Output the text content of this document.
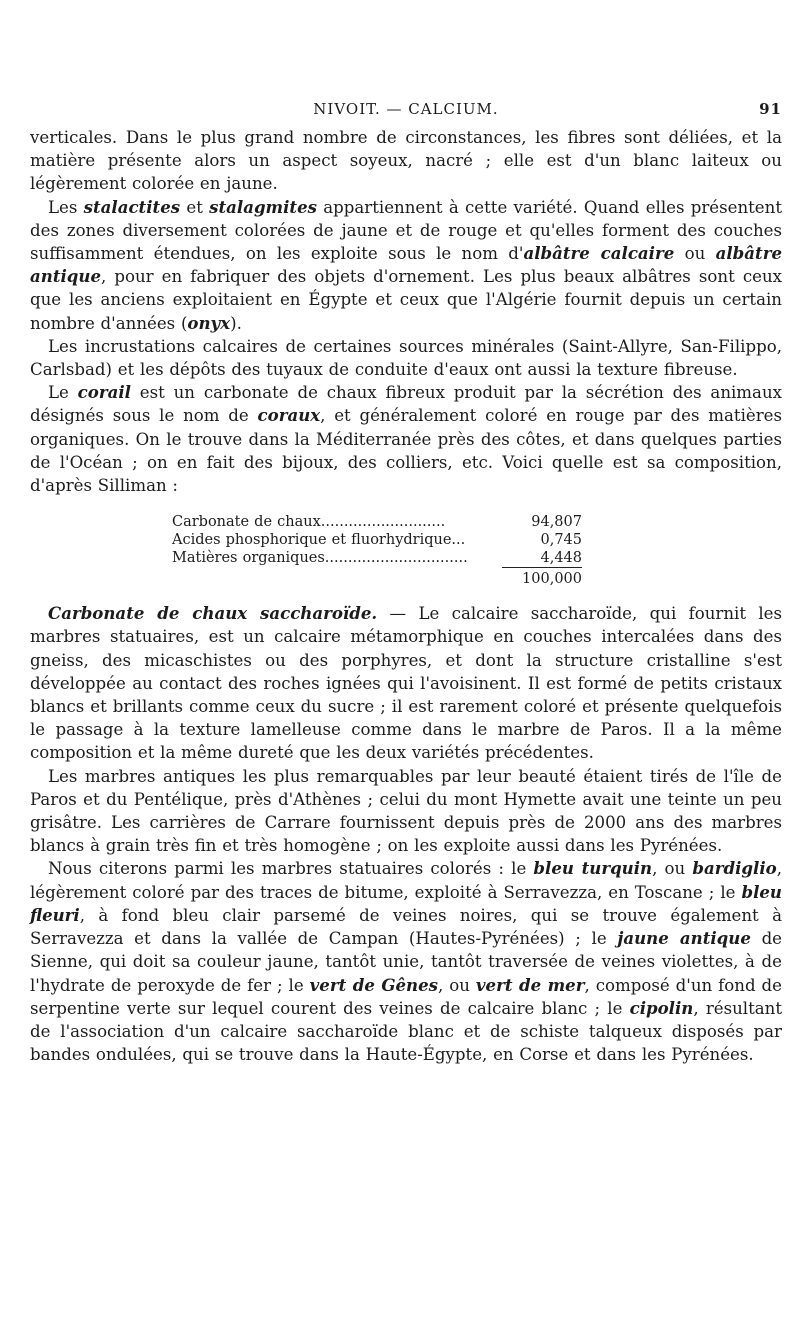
NIVOIT. — CALCIUM.	91

verticales. Dans le plus grand nombre de circonstances, les fibres sont déliées, et la matière présente alors un aspect soyeux, nacré ; elle est d'un blanc laiteux ou légèrement colorée en jaune.

Les stalactites et stalagmites appartiennent à cette variété. Quand elles présentent des zones diversement colorées de jaune et de rouge et qu'elles forment des couches suffisamment étendues, on les exploite sous le nom d'albâtre calcaire ou albâtre antique, pour en fabriquer des objets d'ornement. Les plus beaux albâtres sont ceux que les anciens exploitaient en Égypte et ceux que l'Algérie fournit depuis un certain nombre d'années (onyx).

Les incrustations calcaires de certaines sources minérales (Saint-Allyre, San-Filippo, Carlsbad) et les dépôts des tuyaux de conduite d'eaux ont aussi la texture fibreuse.

Le corail est un carbonate de chaux fibreux produit par la sécrétion des animaux désignés sous le nom de coraux, et généralement coloré en rouge par des matières organiques. On le trouve dans la Méditerranée près des côtes, et dans quelques parties de l'Océan ; on en fait des bijoux, des colliers, etc. Voici quelle est sa composition, d'après Silliman :

Carbonate de chaux...........................	94,807
Acides phosphorique et fluorhydrique...	0,745
Matières organiques...............................	4,448
100,000

Carbonate de chaux saccharoïde. — Le calcaire saccharoïde, qui fournit les marbres statuaires, est un calcaire métamorphique en couches intercalées dans des gneiss, des micaschistes ou des porphyres, et dont la structure cristalline s'est développée au contact des roches ignées qui l'avoisinent. Il est formé de petits cristaux blancs et brillants comme ceux du sucre ; il est rarement coloré et présente quelquefois le passage à la texture lamelleuse comme dans le marbre de Paros. Il a la même composition et la même dureté que les deux variétés précédentes.

Les marbres antiques les plus remarquables par leur beauté étaient tirés de l'île de Paros et du Pentélique, près d'Athènes ; celui du mont Hymette avait une teinte un peu grisâtre. Les carrières de Carrare fournissent depuis près de 2000 ans des marbres blancs à grain très fin et très homogène ; on les exploite aussi dans les Pyrénées.

Nous citerons parmi les marbres statuaires colorés : le bleu turquin, ou bardiglio, légèrement coloré par des traces de bitume, exploité à Serravezza, en Toscane ; le bleu fleuri, à fond bleu clair parsemé de veines noires, qui se trouve également à Serravezza et dans la vallée de Campan (Hautes-Pyrénées) ; le jaune antique de Sienne, qui doit sa couleur jaune, tantôt unie, tantôt traversée de veines violettes, à de l'hydrate de peroxyde de fer ; le vert de Gênes, ou vert de mer, composé d'un fond de serpentine verte sur lequel courent des veines de calcaire blanc ; le cipolin, résultant de l'association d'un calcaire saccharoïde blanc et de schiste talqueux disposés par bandes ondulées, qui se trouve dans la Haute-Égypte, en Corse et dans les Pyrénées.
